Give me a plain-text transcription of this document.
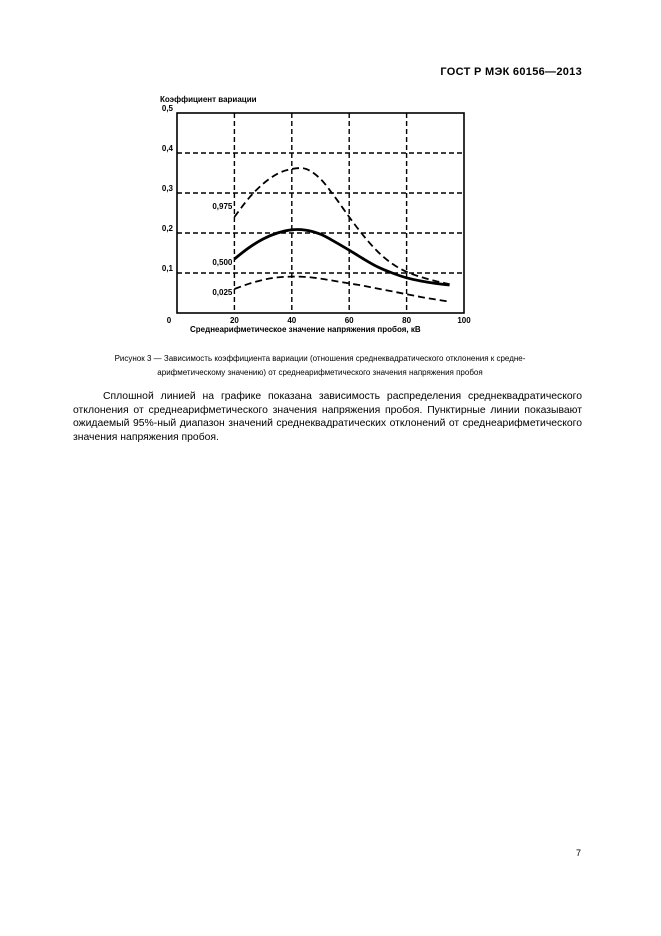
ГОСТ Р МЭК 60156—2013
0	20	40	60	80	100
0,1
0,2
0,3
0,4
0,5
Коэффициент вариации
Среднеарифметическое значение напряжения пробоя, кВ
0,975
0,500
0,025
Рисунок 3 — Зависимость коэффициента вариации (отношения среднеквадратического отклонения к средне-
арифметическому значению) от среднеарифметического значения напряжения пробоя
Сплошной линией на графике показана зависимость распределения среднеквадратического отклонения от среднеарифметического значения напряжения пробоя. Пунктирные линии показывают ожидаемый 95%-ный диапазон значений среднеквадратических отклонений от среднеарифметического значения напряжения пробоя.
7
